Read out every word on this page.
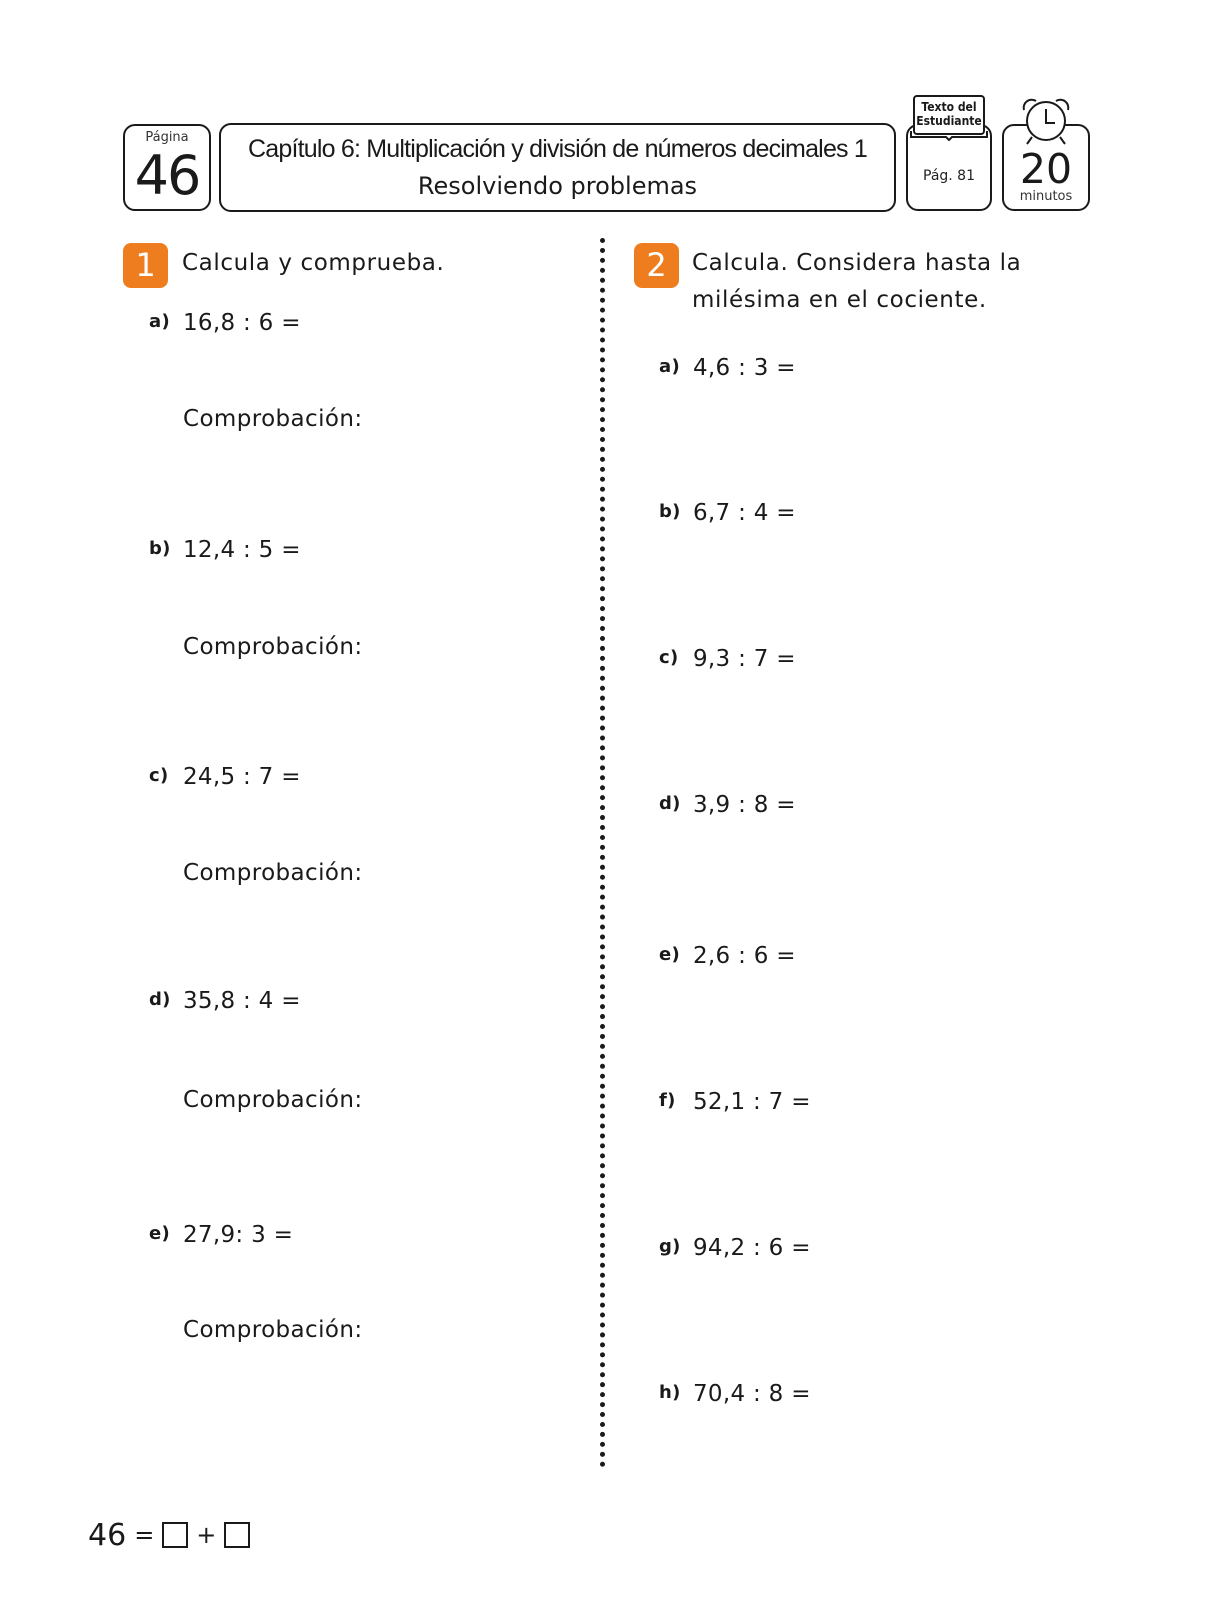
Página
46	Capítulo 6: Multiplicación y división de números decimales 1
Resolviendo problemas	Pág. 81
Texto del
Estudiante
20
minutos
1	Calcula y comprueba.
a) 16,8 : 6 =
Comprobación:
b) 12,4 : 5 =
Comprobación:
c) 24,5 : 7 =
Comprobación:
d) 35,8 : 4 =
Comprobación:
e) 27,9: 3 =
Comprobación:
2	Calcula. Considera hasta la
milésima en el cociente.
a) 4,6 : 3 =
b) 6,7 : 4 =
c) 9,3 : 7 =
d) 3,9 : 8 =
e) 2,6 : 6 =
f) 52,1 : 7 =
g) 94,2 : 6 =
h) 70,4 : 8 =
46 = +
